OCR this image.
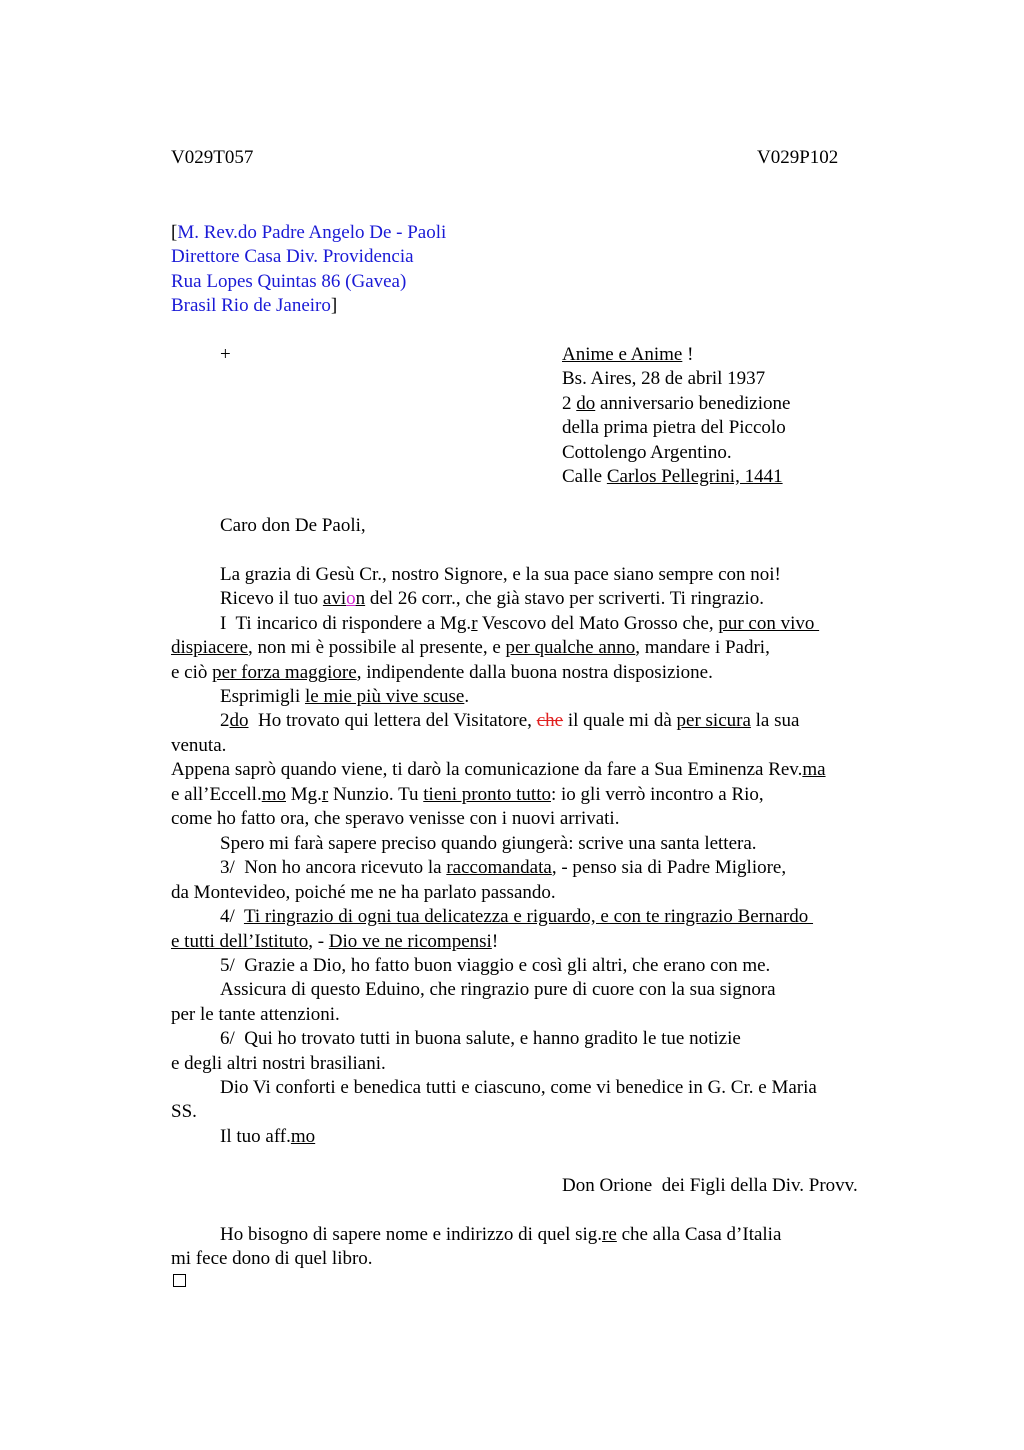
V029T057	V029P102
[M. Rev.do Padre Angelo De - Paoli
Direttore Casa Div. Providencia
Rua Lopes Quintas 86 (Gavea)
Brasil Rio de Janeiro]
+	Anime e Anime !
Bs. Aires, 28 de abril 1937
2 do anniversario benedizione
della prima pietra del Piccolo
Cottolengo Argentino.
Calle Carlos Pellegrini, 1441
Caro don De Paoli,
La grazia di Gesù Cr., nostro Signore, e la sua pace siano sempre con noi!
Ricevo il tuo avion del 26 corr., che già stavo per scriverti. Ti ringrazio.
I  Ti incarico di rispondere a Mg.r Vescovo del Mato Grosso che, pur con vivo
dispiacere, non mi è possibile al presente, e per qualche anno, mandare i Padri,
e ciò per forza maggiore, indipendente dalla buona nostra disposizione.
Esprimigli le mie più vive scuse.
2do  Ho trovato qui lettera del Visitatore, che il quale mi dà per sicura la sua
venuta.
Appena saprò quando viene, ti darò la comunicazione da fare a Sua Eminenza Rev.ma
e all’Eccell.mo Mg.r Nunzio. Tu tieni pronto tutto: io gli verrò incontro a Rio,
come ho fatto ora, che speravo venisse con i nuovi arrivati.
Spero mi farà sapere preciso quando giungerà: scrive una santa lettera.
3/  Non ho ancora ricevuto la raccomandata, - penso sia di Padre Migliore,
da Montevideo, poiché me ne ha parlato passando.
4/  Ti ringrazio di ogni tua delicatezza e riguardo, e con te ringrazio Bernardo
e tutti dell’Istituto, - Dio ve ne ricompensi!
5/  Grazie a Dio, ho fatto buon viaggio e così gli altri, che erano con me.
Assicura di questo Eduino, che ringrazio pure di cuore con la sua signora
per le tante attenzioni.
6/  Qui ho trovato tutti in buona salute, e hanno gradito le tue notizie
e degli altri nostri brasiliani.
Dio Vi conforti e benedica tutti e ciascuno, come vi benedice in G. Cr. e Maria
SS.
Il tuo aff.mo
Don Orione  dei Figli della Div. Provv.
Ho bisogno di sapere nome e indirizzo di quel sig.re che alla Casa d’Italia
mi fece dono di quel libro.
